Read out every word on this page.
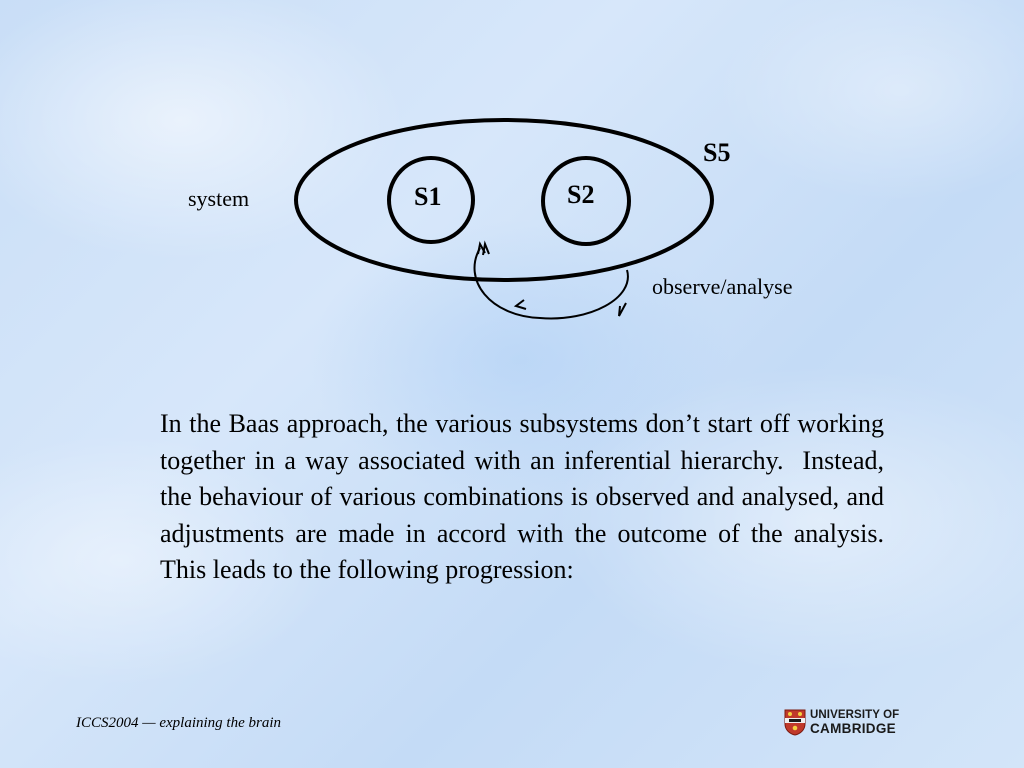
system
S5
S1	S2
observe/analyse
In the Baas approach, the various subsystems don’t start off working together in a way associated with an inferential hierarchy.  Instead, the behaviour of various combinations is observed and analysed, and adjustments are made in accord with the outcome of the analysis.  This leads to the following progression:
ICCS2004 — explaining the brain	UNIVERSITY OF
CAMBRIDGE
